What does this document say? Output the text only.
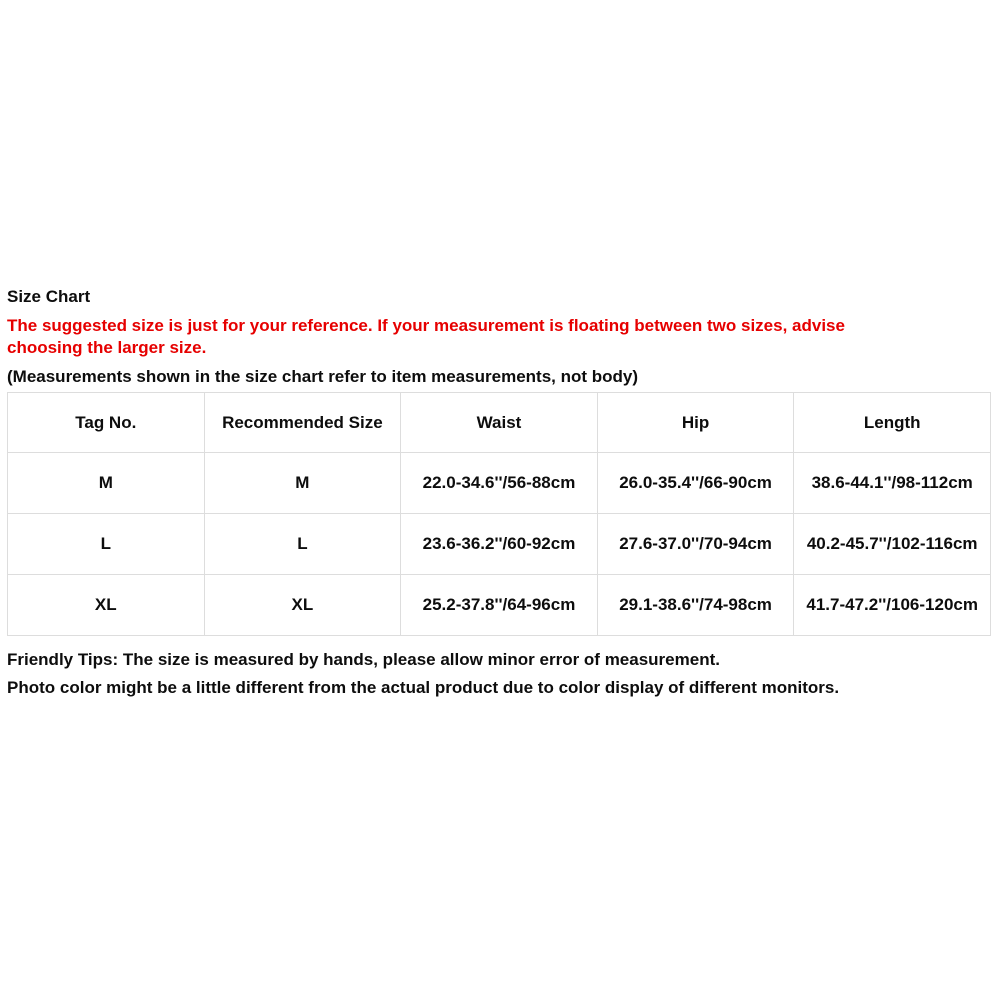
Size Chart

The suggested size is just for your reference. If your measurement is floating between two sizes, advise
choosing the larger size.
(Measurements shown in the size chart refer to item measurements, not body)
Tag No.	Recommended Size	Waist	Hip	Length
M	M	22.0-34.6''/56-88cm	26.0-35.4''/66-90cm	38.6-44.1''/98-112cm
L	L	23.6-36.2''/60-92cm	27.6-37.0''/70-94cm	40.2-45.7''/102-116cm
XL	XL	25.2-37.8''/64-96cm	29.1-38.6''/74-98cm	41.7-47.2''/106-120cm

Friendly Tips: The size is measured by hands, please allow minor error of measurement.

Photo color might be a little different from the actual product due to color display of different monitors.
